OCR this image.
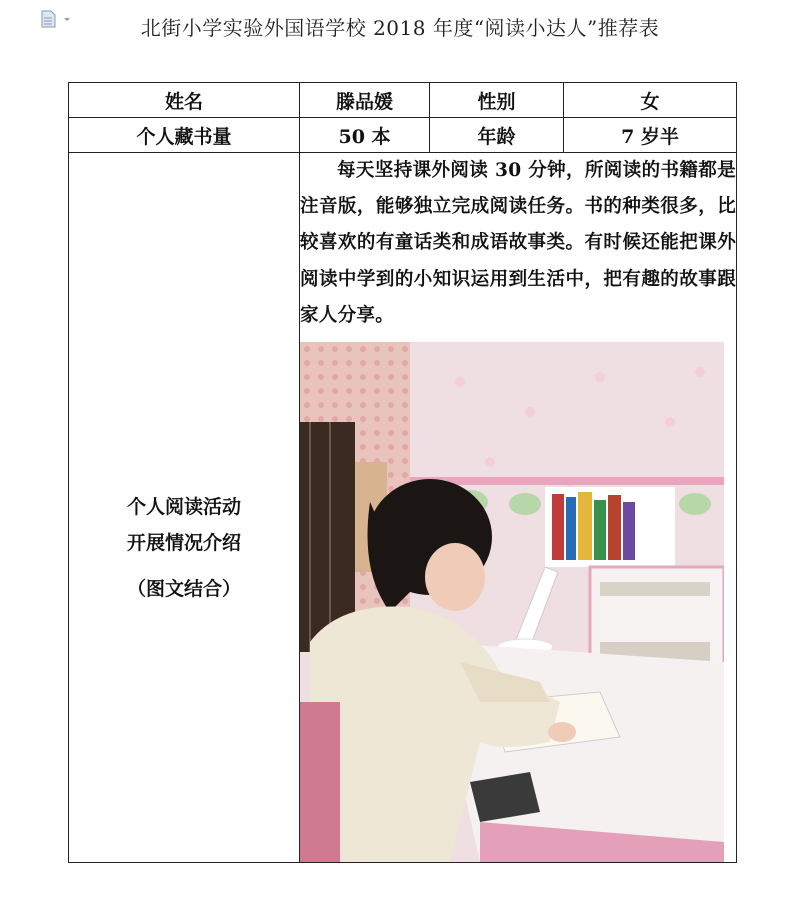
北街小学实验外国语学校 2018 年度“阅读小达人”推荐表
姓名	滕品媛	性别	女
个人藏书量	50 本	年龄	7 岁半

个人阅读活动
开展情况介绍
（图文结合）	每天坚持课外阅读 30 分钟，所阅读的书籍都是注音版，能够独立完成阅读任务。书的种类很多，比较喜欢的有童话类和成语故事类。有时候还能把课外阅读中学到的小知识运用到生活中，把有趣的故事跟家人分享。		
